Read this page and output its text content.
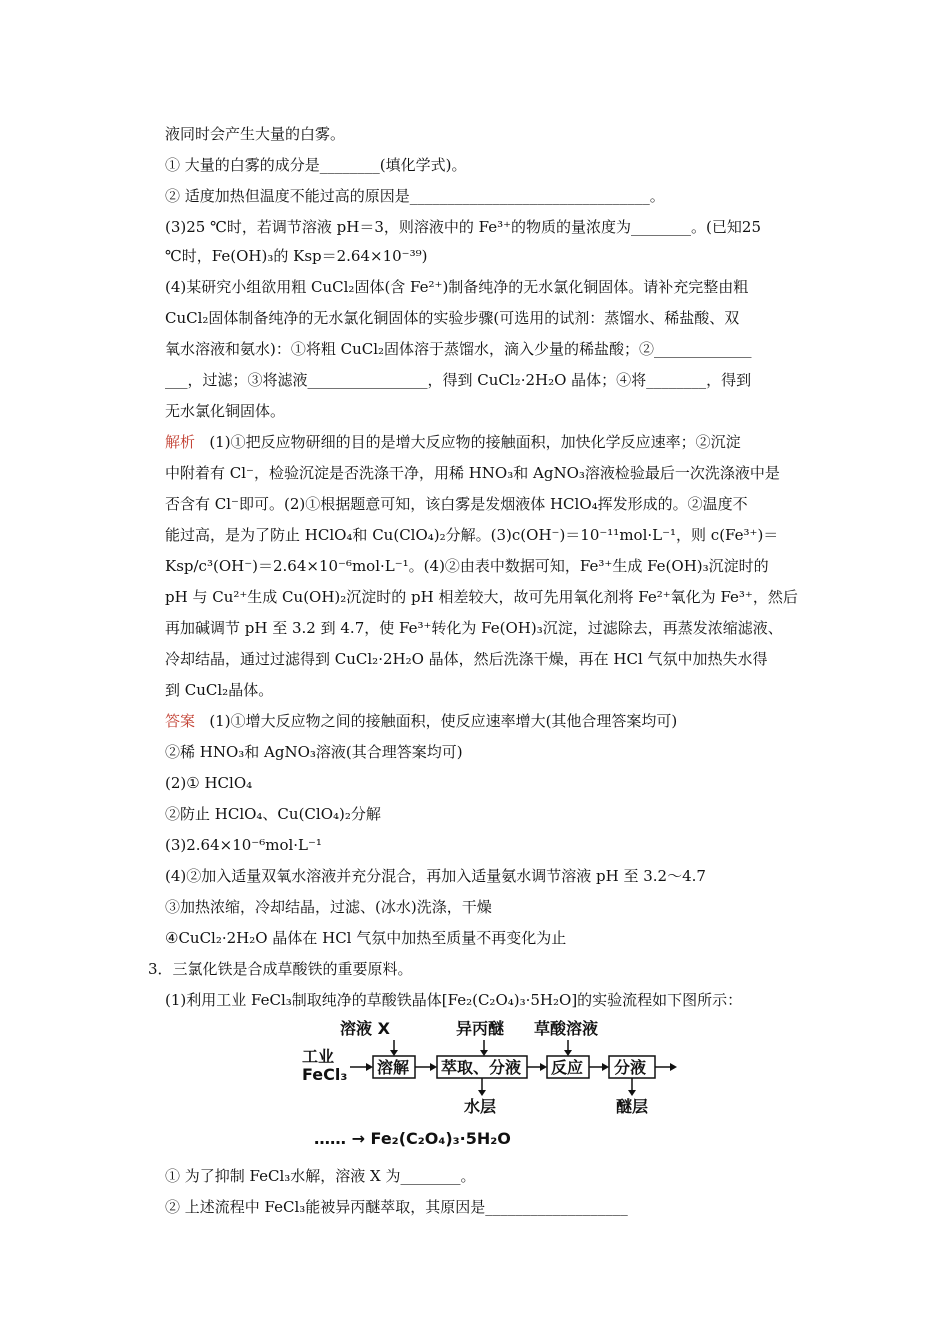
液同时会产生大量的白雾。
① 大量的白雾的成分是________(填化学式)。
② 适度加热但温度不能过高的原因是________________________________。
(3)25 ℃时，若调节溶液 pH＝3，则溶液中的 Fe³⁺的物质的量浓度为________。(已知25
℃时，Fe(OH)₃的 Ksp＝2.64×10⁻³⁹)
(4)某研究小组欲用粗 CuCl₂固体(含 Fe²⁺)制备纯净的无水氯化铜固体。请补充完整由粗
CuCl₂固体制备纯净的无水氯化铜固体的实验步骤(可选用的试剂：蒸馏水、稀盐酸、双
氧水溶液和氨水)：①将粗 CuCl₂固体溶于蒸馏水，滴入少量的稀盐酸；②_____________
___，过滤；③将滤液________________，得到 CuCl₂·2H₂O 晶体；④将________，得到
无水氯化铜固体。
解析 (1)①把反应物研细的目的是增大反应物的接触面积，加快化学反应速率；②沉淀
中附着有 Cl⁻，检验沉淀是否洗涤干净，用稀 HNO₃和 AgNO₃溶液检验最后一次洗涤液中是
否含有 Cl⁻即可。(2)①根据题意可知，该白雾是发烟液体 HClO₄挥发形成的。②温度不
能过高，是为了防止 HClO₄和 Cu(ClO₄)₂分解。(3)c(OH⁻)＝10⁻¹¹mol·L⁻¹，则 c(Fe³⁺)＝
Ksp/c³(OH⁻)＝2.64×10⁻⁶mol·L⁻¹。(4)②由表中数据可知，Fe³⁺生成 Fe(OH)₃沉淀时的
pH 与 Cu²⁺生成 Cu(OH)₂沉淀时的 pH 相差较大，故可先用氧化剂将 Fe²⁺氧化为 Fe³⁺，然后
再加碱调节 pH 至 3.2 到 4.7，使 Fe³⁺转化为 Fe(OH)₃沉淀，过滤除去，再蒸发浓缩滤液、
冷却结晶，通过过滤得到 CuCl₂·2H₂O 晶体，然后洗涤干燥，再在 HCl 气氛中加热失水得
到 CuCl₂晶体。
答案 (1)①增大反应物之间的接触面积，使反应速率增大(其他合理答案均可)
②稀 HNO₃和 AgNO₃溶液(其合理答案均可)
(2)① HClO₄
②防止 HClO₄、Cu(ClO₄)₂分解
(3)2.64×10⁻⁶mol·L⁻¹
(4)②加入适量双氧水溶液并充分混合，再加入适量氨水调节溶液 pH 至 3.2～4.7
③加热浓缩，冷却结晶，过滤、(冰水)洗涤，干燥
④CuCl₂·2H₂O 晶体在 HCl 气氛中加热至质量不再变化为止
3．三氯化铁是合成草酸铁的重要原料。
(1)利用工业 FeCl₃制取纯净的草酸铁晶体[Fe₂(C₂O₄)₃·5H₂O]的实验流程如下图所示：
溶液 X	异丙醚 草酸溶液
工业
FeCl₃ 溶解 萃取、分液 反应 分液
水层	醚层
…… → Fe₂(C₂O₄)₃·5H₂O
① 为了抑制 FeCl₃水解，溶液 X 为________。
② 上述流程中 FeCl₃能被异丙醚萃取，其原因是___________________
